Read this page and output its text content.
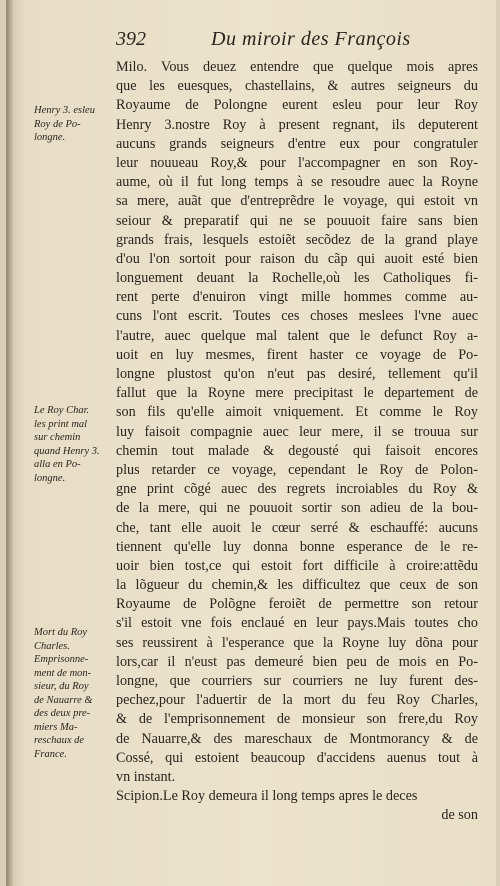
392	Du miroir des François
Henry 3. esleu
Roy de Po-
longne.
Le Roy Char.
les print mal
sur chemin
quand Henry 3.
alla en Po-
longne.
Mort du Roy
Charles.
Emprisonne-
ment de mon-
sieur, du Roy
de Nauarre &
des deux pre-
miers Ma-
reschaux de
France.
Milo. Vous deuez entendre que quelque mois apres
que les euesques, chastellains, & autres seigneurs du
Royaume de Polongne eurent esleu pour leur Roy
Henry 3.nostre Roy à present regnant, ils deputerent
aucuns grands seigneurs d'entre eux pour congratuler
leur nouueau Roy,& pour l'accompagner en son Roy-
aume, où il fut long temps à se resoudre auec la Royne
sa mere, auãt que d'entreprẽdre le voyage, qui estoit vn
seiour & preparatif qui ne se pouuoit faire sans bien
grands frais, lesquels estoiẽt secõdez de la grand playe
d'ou l'on sortoit pour raison du cãp qui auoit esté bien
longuement deuant la Rochelle,où les Catholiques fi-
rent perte d'enuiron vingt mille hommes comme au-
cuns l'ont escrit. Toutes ces choses meslees l'vne auec
l'autre, auec quelque mal talent que le defunct Roy a-
uoit en luy mesmes, firent haster ce voyage de Po-
longne plustost qu'on n'eut pas desiré, tellement qu'il
fallut que la Royne mere precipitast le departement de
son fils qu'elle aimoit vniquement. Et comme le Roy
luy faisoit compagnie auec leur mere, il se trouua sur
chemin tout malade & degousté qui faisoit encores
plus retarder ce voyage, cependant le Roy de Polon-
gne print cõgé auec des regrets incroiables du Roy &
de la mere, qui ne pouuoit sortir son adieu de la bou-
che, tant elle auoit le cœur serré & eschauffé: aucuns
tiennent qu'elle luy donna bonne esperance de le re-
uoir bien tost,ce qui estoit fort difficile à croire:attẽdu
la lõgueur du chemin,& les difficultez que ceux de son
Royaume de Polõgne feroiẽt de permettre son retour
s'il estoit vne fois enclaué en leur pays.Mais toutes cho
ses reussirent à l'esperance que la Royne luy dõna pour
lors,car il n'eust pas demeuré bien peu de mois en Po-
longne, que courriers sur courriers ne luy furent des-
pechez,pour l'aduertir de la mort du feu Roy Charles,
& de l'emprisonnement de monsieur son frere,du Roy
de Nauarre,& des mareschaux de Montmorancy & de
Cossé, qui estoient beaucoup d'accidens auenus tout à
vn instant.
Scipion.Le Roy demeura il long temps apres le deces
de son
